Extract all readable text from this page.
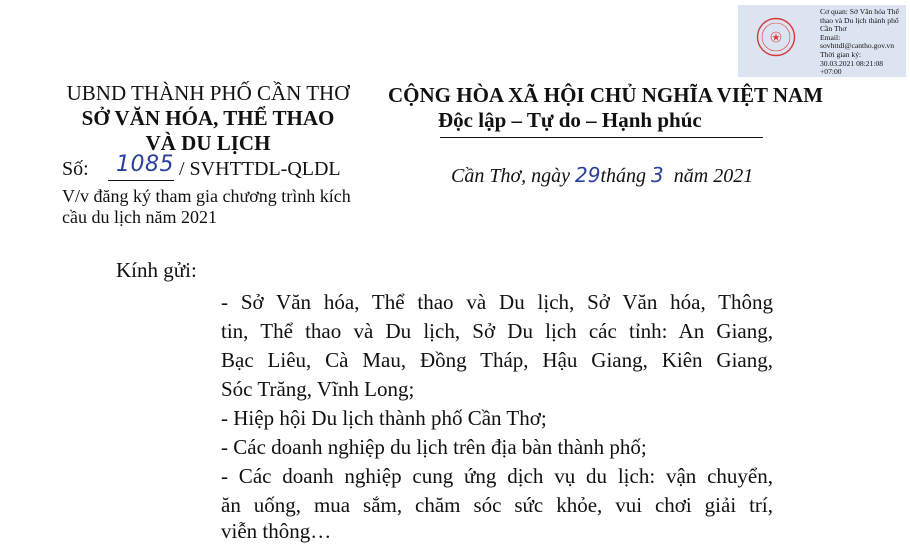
Cơ quan: Sở Văn hóa Thể thao và Du lịch thành phố Cần Thơ
Email:
sovhttdl@cantho.gov.vn
Thời gian ký:
30.03.2021 08:21:08 +07:00
UBND THÀNH PHỐ CẦN THƠ
SỞ VĂN HÓA, THỂ THAO
VÀ DU LỊCH
Số: 1085 / SVHTTDL-QLDL
V/v đăng ký tham gia chương trình kích
cầu du lịch năm 2021
CỘNG HÒA XÃ HỘI CHỦ NGHĨA VIỆT NAM
Độc lập – Tự do – Hạnh phúc
Cần Thơ, ngày 29tháng 3 năm 2021
Kính gửi:
- Sở Văn hóa, Thể thao và Du lịch, Sở Văn hóa, Thông
tin, Thể thao và Du lịch, Sở Du lịch các tỉnh: An Giang,
Bạc Liêu, Cà Mau, Đồng Tháp, Hậu Giang, Kiên Giang,
Sóc Trăng, Vĩnh Long;
- Hiệp hội Du lịch thành phố Cần Thơ;
- Các doanh nghiệp du lịch trên địa bàn thành phố;
- Các doanh nghiệp cung ứng dịch vụ du lịch: vận chuyển,
ăn uống, mua sắm, chăm sóc sức khỏe, vui chơi giải trí,
viễn thông…
